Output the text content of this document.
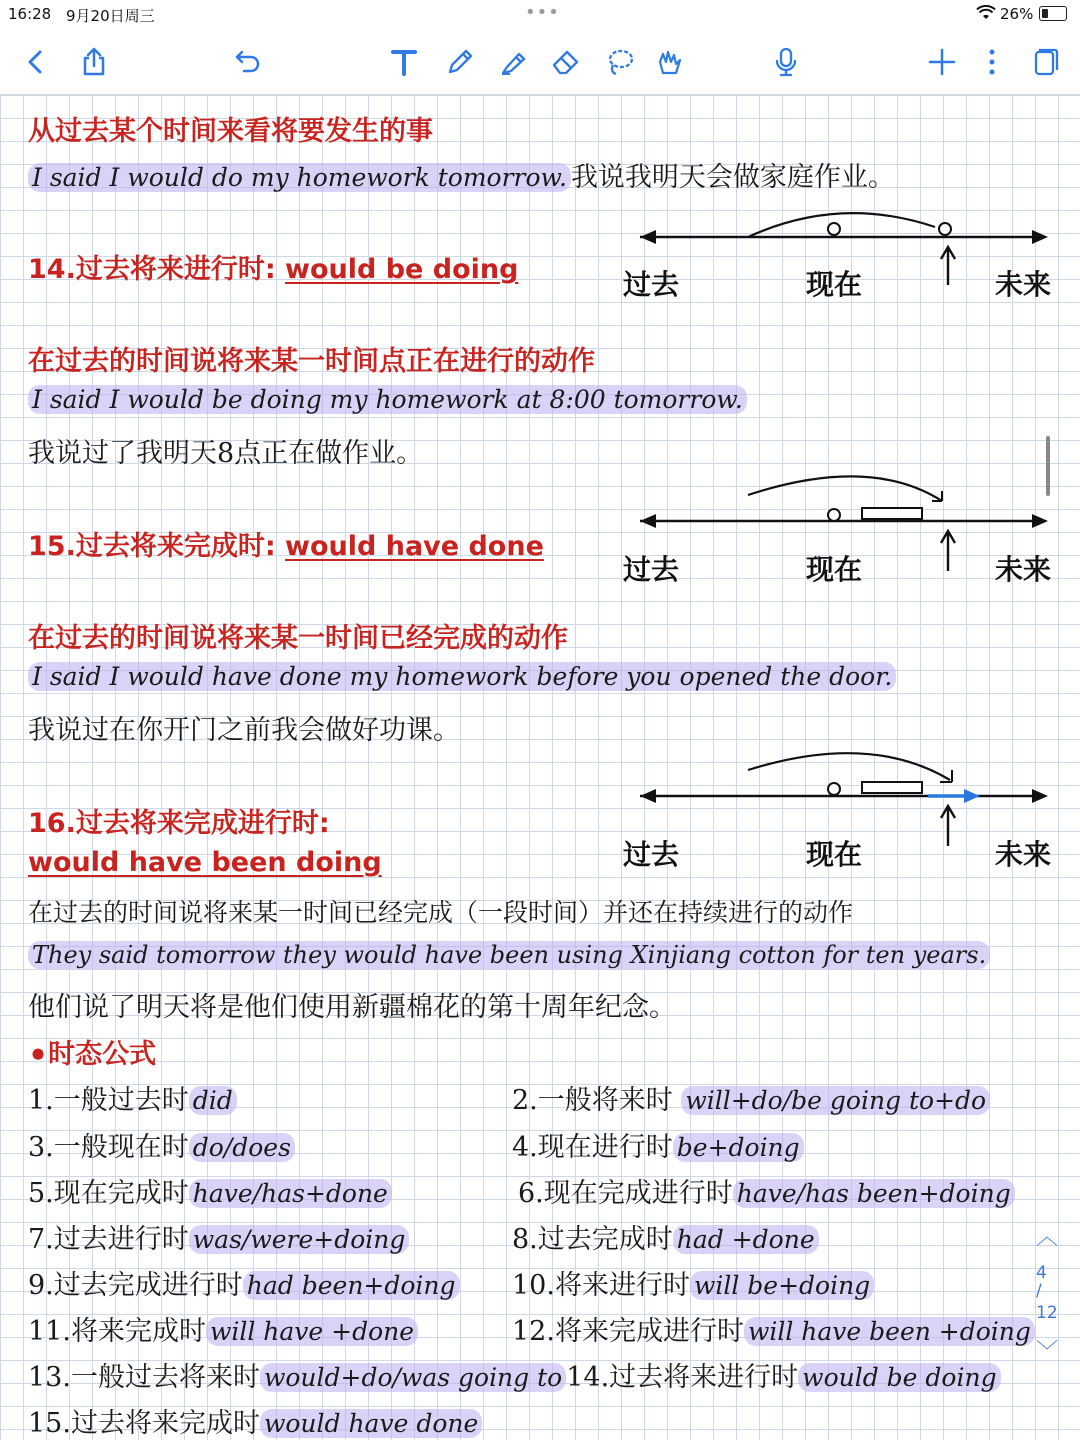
16:28 9月20日周三	•••	26%
从过去某个时间来看将要发生的事
I said I would do my homework tomorrow. 我说我明天会做家庭作业。
过去	现在	未来
14.过去将来进行时: would be doing
在过去的时间说将来某一时间点正在进行的动作
I said I would be doing my homework at 8:00 tomorrow.
我说过了我明天8点正在做作业。
过去	现在	未来
15.过去将来完成时: would have done
在过去的时间说将来某一时间已经完成的动作
I said I would have done my homework before you opened the door.
我说过在你开门之前我会做好功课。
过去	现在	未来
16.过去将来完成进行时:
would have been doing
在过去的时间说将来某一时间已经完成（一段时间）并还在持续进行的动作
They said tomorrow they would have been using Xinjiang cotton for ten years.
他们说了明天将是他们使用新疆棉花的第十周年纪念。
⚫时态公式
1.一般过去时 did	2.一般将来时 will+do/be going to+do
3.一般现在时 do/does	4.现在进行时 be+doing
5.现在完成时 have/has+done	6.现在完成进行时 have/has been+doing
7.过去进行时 was/were+doing	8.过去完成时 had +done
9.过去完成进行时 had been+doing 10.将来进行时 will be+doing
11.将来完成时 will have +done	12.将来完成进行时 will have been +doing
13.一般过去将来时 would+do/was going to 14.过去将来进行时 would be doing
15.过去将来完成时 would have done
︿
4
/
12
﹀
